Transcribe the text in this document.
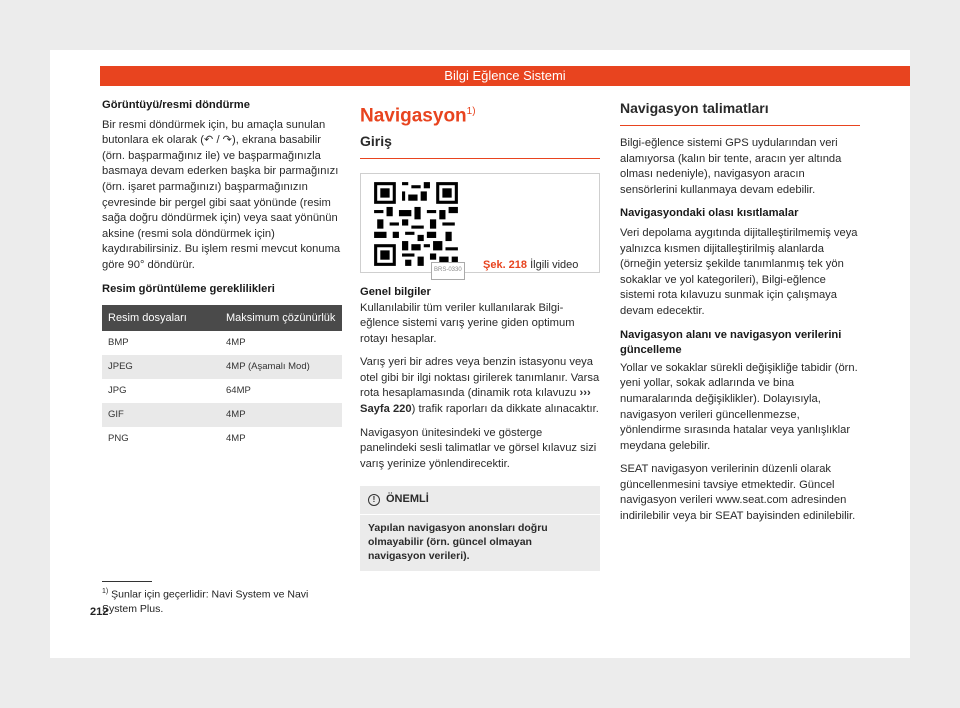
Bilgi Eğlence Sistemi
Görüntüyü/resmi döndürme
Bir resmi döndürmek için, bu amaçla sunulan butonlara ek olarak (↶ / ↷), ekrana basabilir (örn. başparmağınız ile) ve başparmağınızla basmaya devam ederken başka bir parmağınızı (örn. işaret parmağınızı) başparmağınızın çevresinde bir pergel gibi saat yönünde (resim sağa doğru döndürmek için) veya saat yönünün aksine (resmi sola döndürmek için) kaydırabilirsiniz. Bu işlem resmi mevcut konuma göre 90° döndürür.
Resim görüntüleme gereklilikleri
Resim dosyaları	Maksimum çözünürlük
BMP	4MP
JPEG	4MP (Aşamalı Mod)
JPG	64MP
GIF	4MP
PNG	4MP
Navigasyon$^{1)}$
Giriş
BRS-0330 Şek. 218 İlgili video
Genel bilgiler
Kullanılabilir tüm veriler kullanılarak Bilgi-eğlence sistemi varış yerine giden optimum rotayı hesaplar.
Varış yeri bir adres veya benzin istasyonu veya otel gibi bir ilgi noktası girilerek tanımlanır. Varsa rota hesaplamasında (dinamik rota kılavuzu ››› Sayfa 220) trafik raporları da dikkate alınacaktır.
Navigasyon ünitesindeki ve gösterge panelindeki sesli talimatlar ve görsel kılavuz sizi varış yerinize yönlendirecektir.
! ÖNEMLİ
Yapılan navigasyon anonsları doğru olmayabilir (örn. güncel olmayan navigasyon verileri).
Navigasyon talimatları
Bilgi-eğlence sistemi GPS uydularından veri alamıyorsa (kalın bir tente, aracın yer altında olması nedeniyle), navigasyon aracın sensörlerini kullanmaya devam edebilir.
Navigasyondaki olası kısıtlamalar
Veri depolama aygıtında dijitalleştirilmemiş veya yalnızca kısmen dijitalleştirilmiş alanlarda (örneğin yetersiz şekilde tanımlanmış tek yön sokaklar ve yol kategorileri), Bilgi-eğlence sistemi rota kılavuzu sunmak için çalışmaya devam edecektir.
Navigasyon alanı ve navigasyon verilerini güncelleme
Yollar ve sokaklar sürekli değişikliğe tabidir (örn. yeni yollar, sokak adlarında ve bina numaralarında değişiklikler). Dolayısıyla, navigasyon verileri güncellenmezse, yönlendirme sırasında hatalar veya yanlışlıklar meydana gelebilir.
SEAT navigasyon verilerinin düzenli olarak güncellenmesini tavsiye etmektedir. Güncel navigasyon verileri www.seat.com adresinden indirilebilir veya bir SEAT bayisinden edinilebilir.
$^{1)}$ Şunlar için geçerlidir: Navi System ve Navi System Plus.
212
